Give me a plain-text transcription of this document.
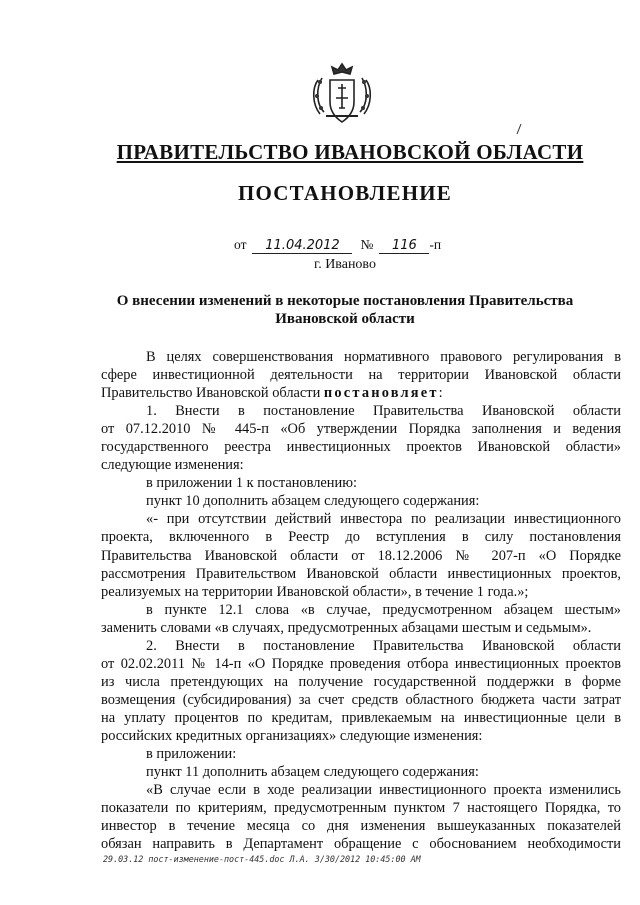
ПРАВИТЕЛЬСТВО ИВАНОВСКОЙ ОБЛАСТИ
ПОСТАНОВЛЕНИЕ
от 11.04.2012 № 116 -п
г. Иваново
О внесении изменений в некоторые постановления Правительства
Ивановской области

В целях совершенствования нормативного правового регулирования в

сфере инвестиционной деятельности на территории Ивановской области

Правительство Ивановской области постановляет:

1. Внести в постановление Правительства Ивановской области

от 07.12.2010 № 445-п «Об утверждении Порядка заполнения и ведения

государственного реестра инвестиционных проектов Ивановской области»

следующие изменения:

в приложении 1 к постановлению:

пункт 10 дополнить абзацем следующего содержания:

«- при отсутствии действий инвестора по реализации инвестиционного

проекта, включенного в Реестр до вступления в силу постановления

Правительства Ивановской области от 18.12.2006 № 207-п «О Порядке

рассмотрения Правительством Ивановской области инвестиционных проектов,

реализуемых на территории Ивановской области», в течение 1 года.»;

в пункте 12.1 слова «в случае, предусмотренном абзацем шестым»

заменить словами «в случаях, предусмотренных абзацами шестым и седьмым».

2. Внести в постановление Правительства Ивановской области

от 02.02.2011 № 14-п «О Порядке проведения отбора инвестиционных проектов

из числа претендующих на получение государственной поддержки в форме

возмещения (субсидирования) за счет средств областного бюджета части затрат

на уплату процентов по кредитам, привлекаемым на инвестиционные цели в

российских кредитных организациях» следующие изменения:

в приложении:

пункт 11 дополнить абзацем следующего содержания:

«В случае если в ходе реализации инвестиционного проекта изменились

показатели по критериям, предусмотренным пунктом 7 настоящего Порядка, то

инвестор в течение месяца со дня изменения вышеуказанных показателей

обязан направить в Департамент обращение с обоснованием необходимости

29.03.12 пост-изменение-пост-445.doc Л.А. 3/30/2012 10:45:00 AM
